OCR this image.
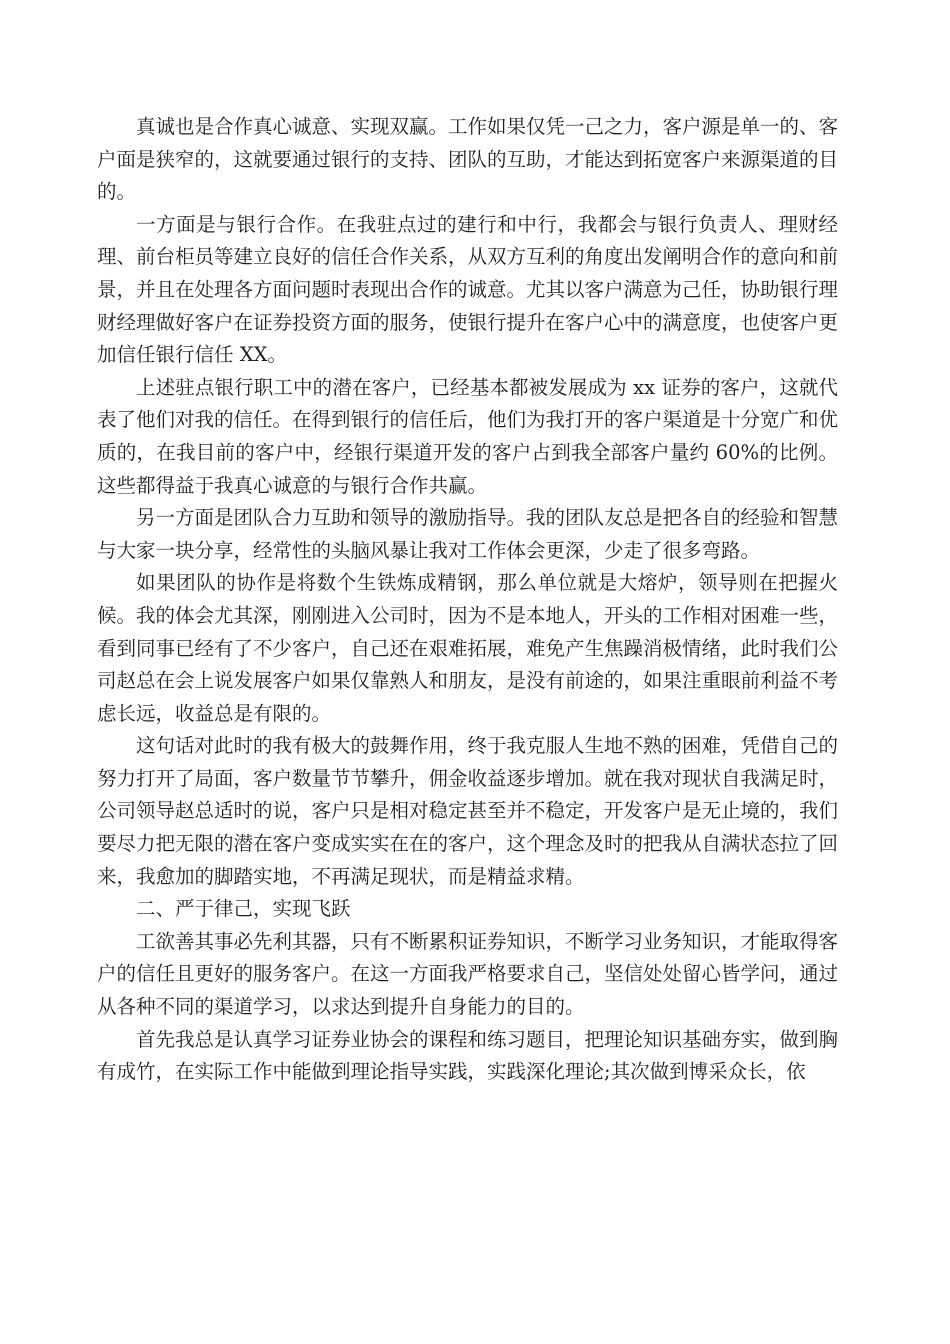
真诚也是合作真心诚意、实现双赢。工作如果仅凭一己之力，客户源是单一的、客户面是狭窄的，这就要通过银行的支持、团队的互助，才能达到拓宽客户来源渠道的目的。

一方面是与银行合作。在我驻点过的建行和中行，我都会与银行负责人、理财经理、前台柜员等建立良好的信任合作关系，从双方互利的角度出发阐明合作的意向和前景，并且在处理各方面问题时表现出合作的诚意。尤其以客户满意为己任，协助银行理财经理做好客户在证券投资方面的服务，使银行提升在客户心中的满意度，也使客户更加信任银行信任 XX。

上述驻点银行职工中的潜在客户，已经基本都被发展成为 xx 证券的客户，这就代表了他们对我的信任。在得到银行的信任后，他们为我打开的客户渠道是十分宽广和优质的，在我目前的客户中，经银行渠道开发的客户占到我全部客户量约 60%的比例。这些都得益于我真心诚意的与银行合作共赢。

另一方面是团队合力互助和领导的激励指导。我的团队友总是把各自的经验和智慧与大家一块分享，经常性的头脑风暴让我对工作体会更深，少走了很多弯路。

如果团队的协作是将数个生铁炼成精钢，那么单位就是大熔炉，领导则在把握火候。我的体会尤其深，刚刚进入公司时，因为不是本地人，开头的工作相对困难一些，看到同事已经有了不少客户，自己还在艰难拓展，难免产生焦躁消极情绪，此时我们公司赵总在会上说发展客户如果仅靠熟人和朋友，是没有前途的，如果注重眼前利益不考虑长远，收益总是有限的。

这句话对此时的我有极大的鼓舞作用，终于我克服人生地不熟的困难，凭借自己的努力打开了局面，客户数量节节攀升，佣金收益逐步增加。就在我对现状自我满足时，公司领导赵总适时的说，客户只是相对稳定甚至并不稳定，开发客户是无止境的，我们要尽力把无限的潜在客户变成实实在在的客户，这个理念及时的把我从自满状态拉了回来，我愈加的脚踏实地，不再满足现状，而是精益求精。

二、严于律己，实现飞跃

工欲善其事必先利其器，只有不断累积证券知识，不断学习业务知识，才能取得客户的信任且更好的服务客户。在这一方面我严格要求自己，坚信处处留心皆学问，通过从各种不同的渠道学习，以求达到提升自身能力的目的。

首先我总是认真学习证券业协会的课程和练习题目，把理论知识基础夯实，做到胸有成竹，在实际工作中能做到理论指导实践，实践深化理论;其次做到博采众长，依
